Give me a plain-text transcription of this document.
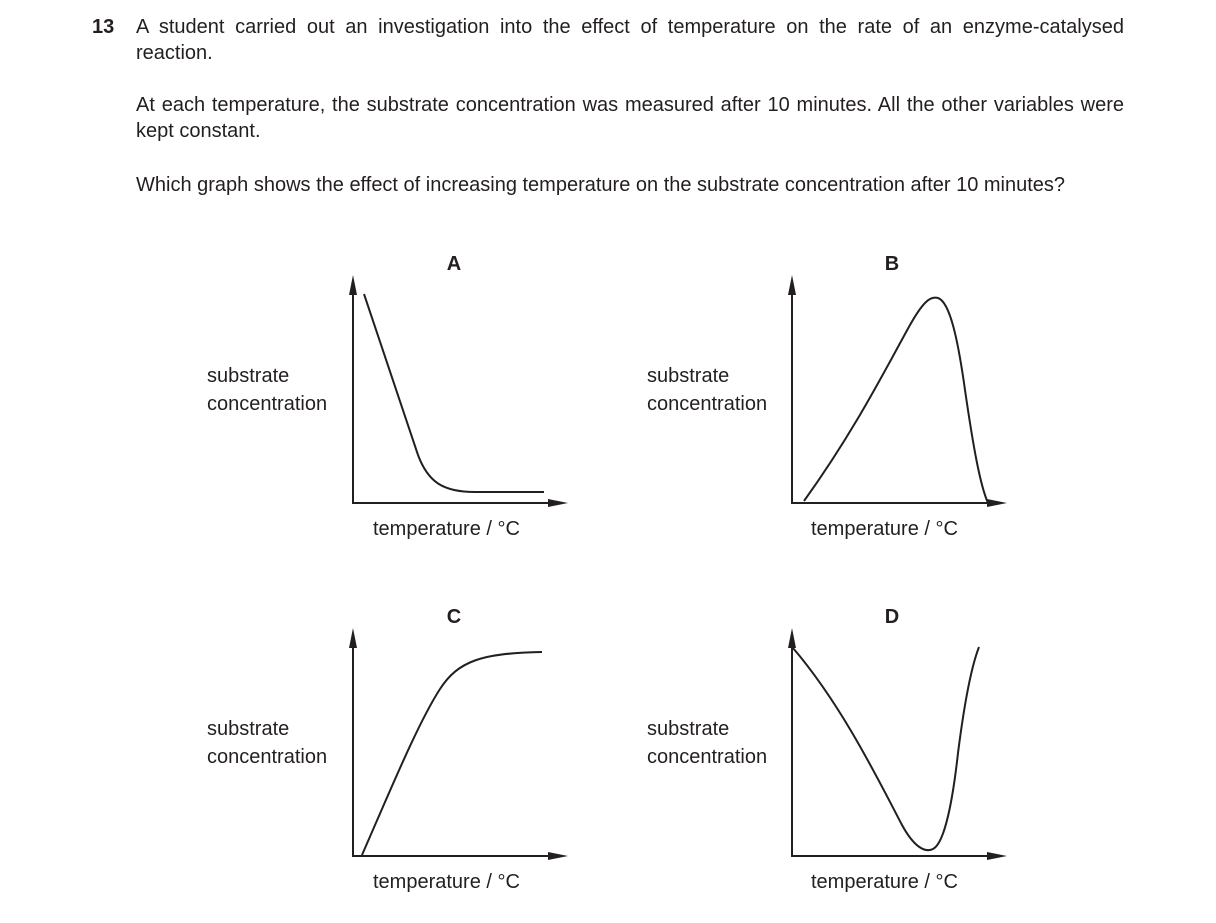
13 A student carried out an investigation into the effect of temperature on the rate of an enzyme-catalysed reaction.

At each temperature, the substrate concentration was measured after 10 minutes. All the other variables were kept constant.

Which graph shows the effect of increasing temperature on the substrate concentration after 10 minutes?

A
substrate
concentration
temperature / °C
B
substrate
concentration
temperature / °C
C
substrate
concentration
temperature / °C
D
substrate
concentration
temperature / °C
